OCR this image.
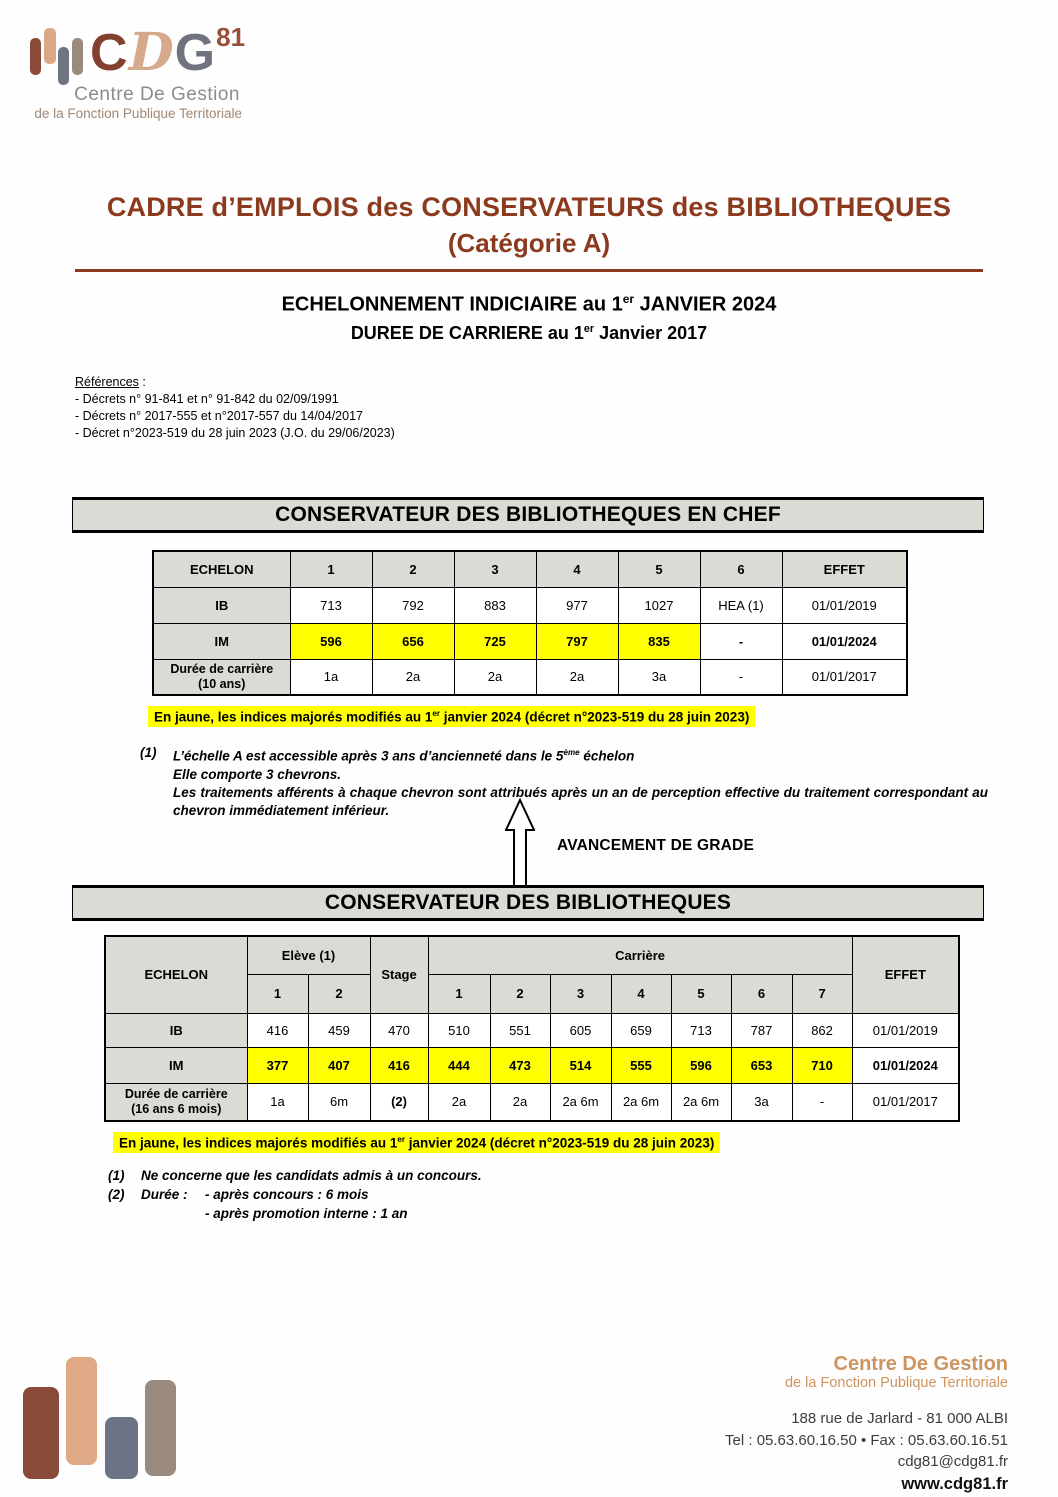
CDG$^{81}$
Centre De Gestion
de la Fonction Publique Territoriale
CADRE d’EMPLOIS des CONSERVATEURS des BIBLIOTHEQUES
(Catégorie A)
ECHELONNEMENT INDICIAIRE au 1er JANVIER 2024
DUREE DE CARRIERE au 1er Janvier 2017
Références :
- Décrets n° 91-841 et n° 91-842 du 02/09/1991
- Décrets n° 2017-555 et n°2017-557 du 14/04/2017
- Décret n°2023-519 du 28 juin 2023 (J.O. du 29/06/2023)
CONSERVATEUR DES BIBLIOTHEQUES EN CHEF
ECHELON	1	2	3	4	5	6	EFFET
IB	713	792	883	977	1027	HEA (1)	01/01/2019
IM	596	656	725	797	835	-	01/01/2024

Durée de carrière
(10 ans)	1a	2a	2a	2a	3a	-	01/01/2017
En jaune, les indices majorés modifiés au 1er janvier 2024 (décret n°2023-519 du 28 juin 2023)
(1) L’échelle A est accessible après 3 ans d’ancienneté dans le 5ème échelon
Elle comporte 3 chevrons.
Les traitements afférents à chaque chevron sont attribués après un an de perception effective du traitement correspondant au chevron immédiatement inférieur.
AVANCEMENT DE GRADE
CONSERVATEUR DES BIBLIOTHEQUES
ECHELON	Elève (1)		Stage	Carrière							EFFET
	1	2		1	2	3	4	5	6	7	
IB	416	459	470	510	551	605	659	713	787	862	01/01/2019
IM	377	407	416	444	473	514	555	596	653	710	01/01/2024

Durée de carrière
(16 ans 6 mois)	1a	6m	(2)	2a	2a	2a 6m	2a 6m	2a 6m	3a	-	01/01/2017
En jaune, les indices majorés modifiés au 1er janvier 2024 (décret n°2023-519 du 28 juin 2023)
(1) Ne concerne que les candidats admis à un concours.
(2) Durée : - après concours : 6 mois
- après promotion interne : 1 an
Centre De Gestion
de la Fonction Publique Territoriale
188 rue de Jarlard - 81 000 ALBI
Tel : 05.63.60.16.50 • Fax : 05.63.60.16.51
cdg81@cdg81.fr
www.cdg81.fr
